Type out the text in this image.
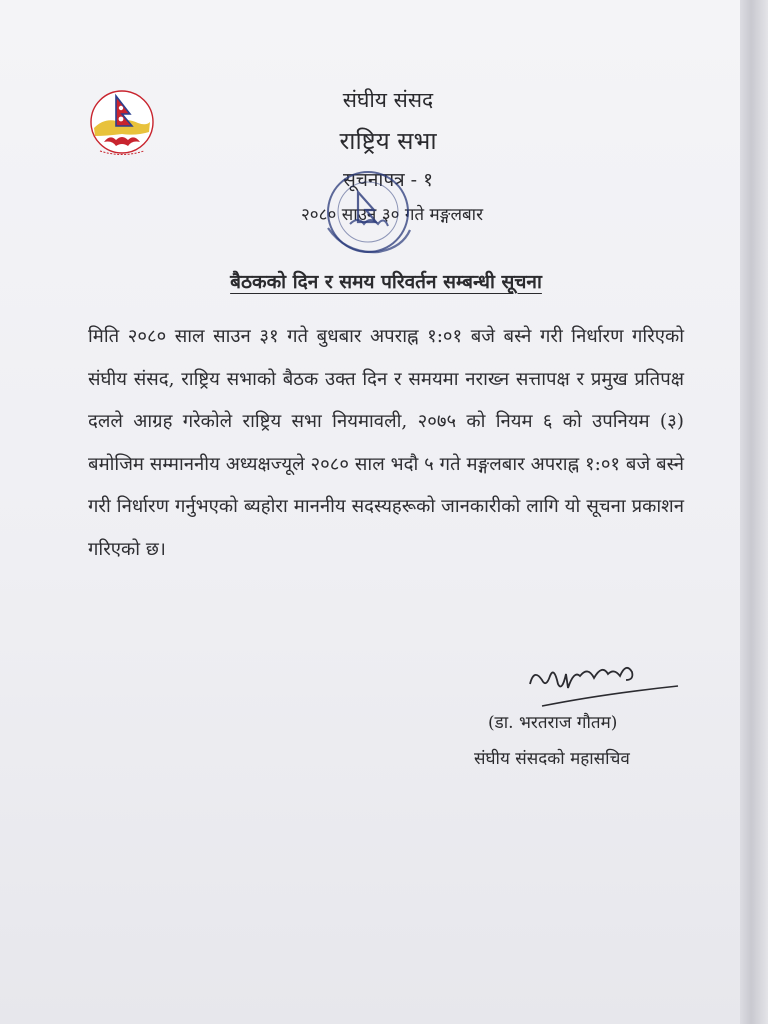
संघीय संसद
राष्ट्रिय सभा
सूचनापत्र - १
२०८० साउन ३० गते मङ्गलबार
बैठकको दिन र समय परिवर्तन सम्बन्धी सूचना
मिति २०८० साल साउन ३१ गते बुधबार अपराह्न १:०१ बजे बस्ने गरी निर्धारण गरिएको संघीय संसद, राष्ट्रिय सभाको बैठक उक्त दिन र समयमा नराख्न सत्तापक्ष र प्रमुख प्रतिपक्ष दलले आग्रह गरेकोले राष्ट्रिय सभा नियमावली, २०७५ को नियम ६ को उपनियम (३) बमोजिम सम्माननीय अध्यक्षज्यूले २०८० साल भदौ ५ गते मङ्गलबार अपराह्न १:०१ बजे बस्ने गरी निर्धारण गर्नुभएको ब्यहोरा माननीय सदस्यहरूको जानकारीको लागि यो सूचना प्रकाशन गरिएको छ।
(डा. भरतराज गौतम)
संघीय संसदको महासचिव
